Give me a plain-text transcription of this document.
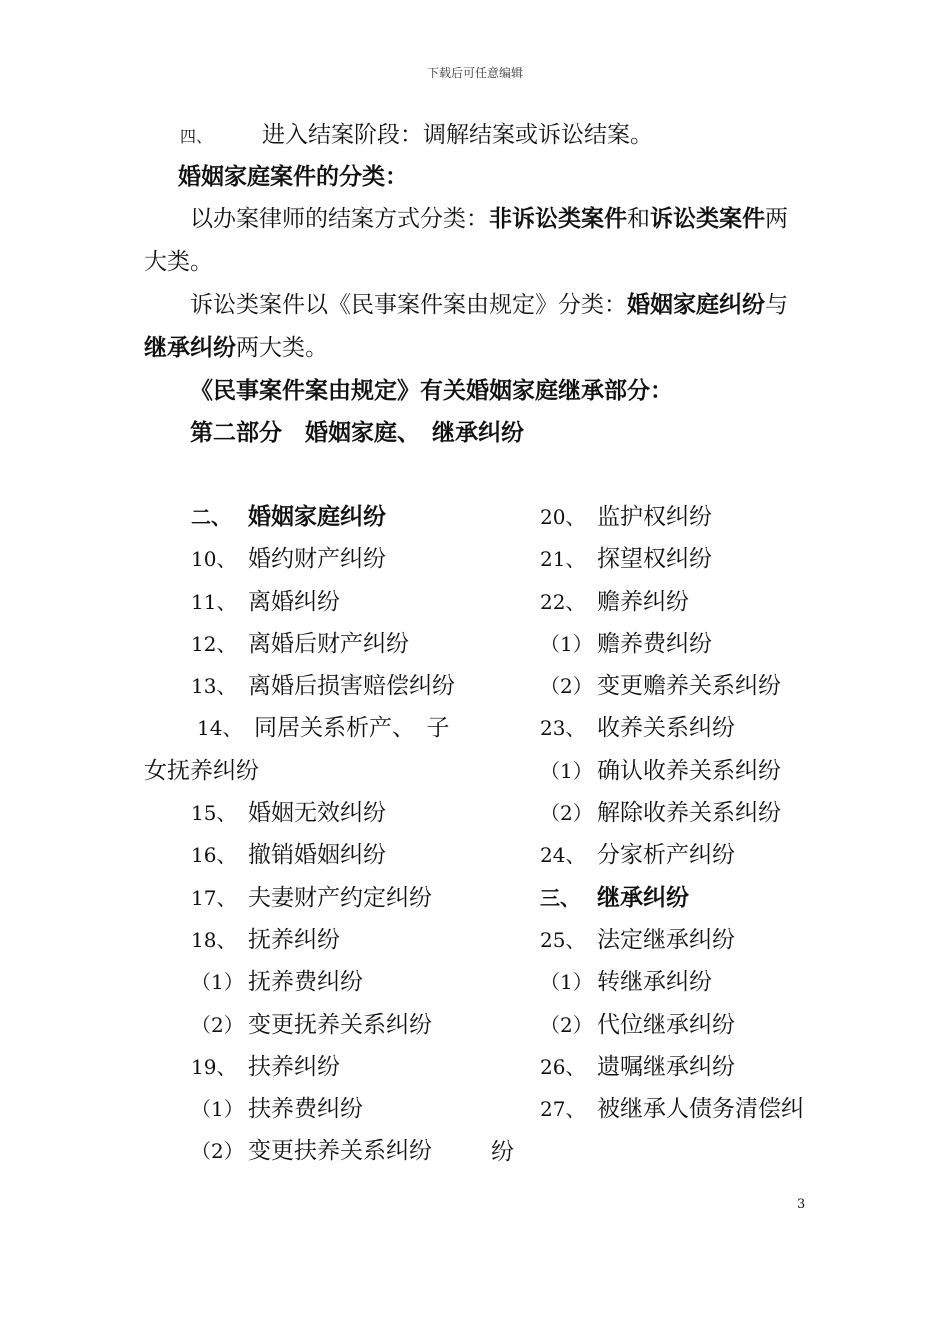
下载后可任意编辑
四、 进入结案阶段：调解结案或诉讼结案。
婚姻家庭案件的分类：
以办案律师的结案方式分类：非诉讼类案件和诉讼类案件两
大类。
诉讼类案件以《民事案件案由规定》分类：婚姻家庭纠纷与
继承纠纷两大类。
《民事案件案由规定》有关婚姻家庭继承部分：
第二部分 婚姻家庭、 继承纠纷
二、 婚姻家庭纠纷
10、 婚约财产纠纷
11、 离婚纠纷
12、 离婚后财产纠纷
13、 离婚后损害赔偿纠纷
14、 同居关系析产、　子
女抚养纠纷
15、 婚姻无效纠纷
16、 撤销婚姻纠纷
17、 夫妻财产约定纠纷
18、 抚养纠纷
（1） 抚养费纠纷
（2） 变更抚养关系纠纷
19、 扶养纠纷
（1） 扶养费纠纷
（2） 变更扶养关系纠纷	纷
20、 监护权纠纷
21、 探望权纠纷
22、 赡养纠纷
（1） 赡养费纠纷
（2） 变更赡养关系纠纷
23、 收养关系纠纷
（1） 确认收养关系纠纷
（2） 解除收养关系纠纷
24、 分家析产纠纷
三、 继承纠纷
25、 法定继承纠纷
（1） 转继承纠纷
（2） 代位继承纠纷
26、 遗嘱继承纠纷
27、 被继承人债务清偿纠
3
